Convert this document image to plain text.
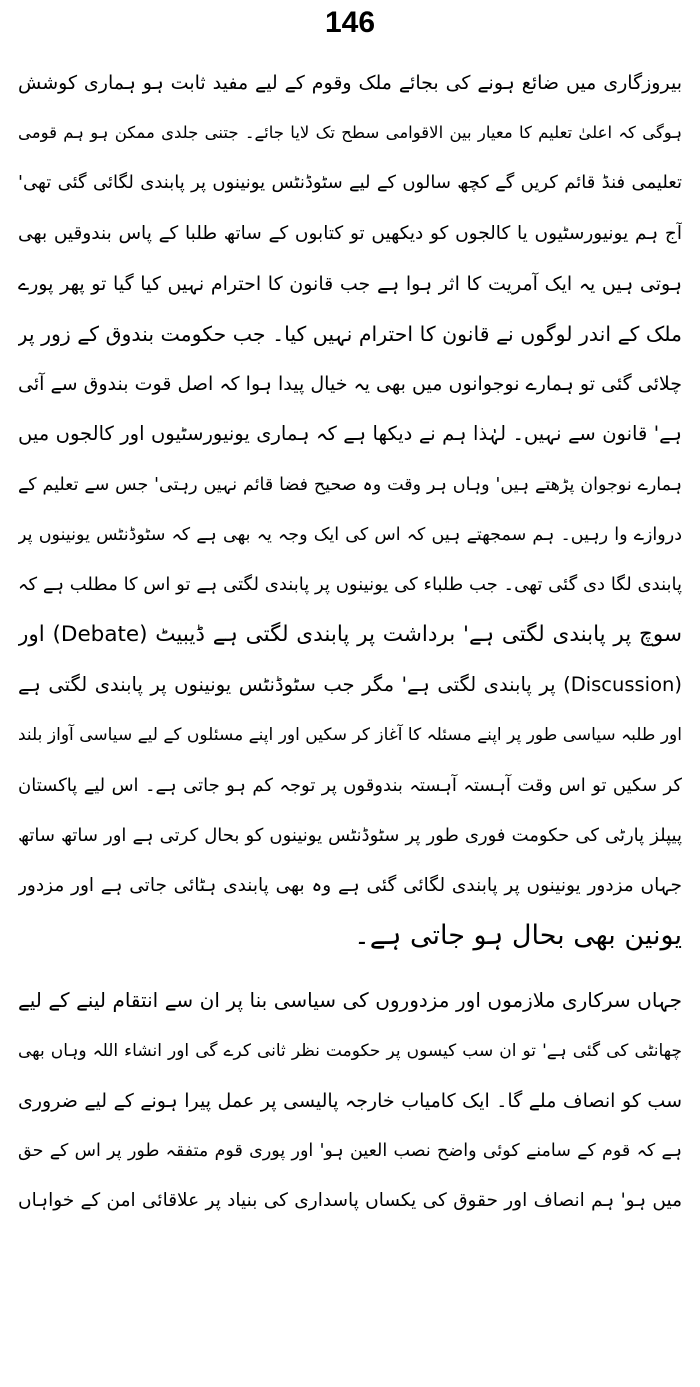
146
بیروزگاری میں ضائع ہونے کی بجائے ملک وقوم کے لیے مفید ثابت ہو ہماری کوشش
ہوگی کہ اعلیٰ تعلیم کا معیار بین الاقوامی سطح تک لایا جائے۔ جتنی جلدی ممکن ہو ہم قومی
تعلیمی فنڈ قائم کریں گے کچھ سالوں کے لیے سٹوڈنٹس یونینوں پر پابندی لگائی گئی تھی'
آج ہم یونیورسٹیوں یا کالجوں کو دیکھیں تو کتابوں کے ساتھ طلبا کے پاس بندوقیں بھی
ہوتی ہیں یہ ایک آمریت کا اثر ہوا ہے جب قانون کا احترام نہیں کیا گیا تو پھر پورے
ملک کے اندر لوگوں نے قانون کا احترام نہیں کیا۔ جب حکومت بندوق کے زور پر
چلائی گئی تو ہمارے نوجوانوں میں بھی یہ خیال پیدا ہوا کہ اصل قوت بندوق سے آئی
ہے' قانون سے نہیں۔ لہٰذا ہم نے دیکھا ہے کہ ہماری یونیورسٹیوں اور کالجوں میں
ہمارے نوجوان پڑھتے ہیں' وہاں ہر وقت وہ صحیح فضا قائم نہیں رہتی' جس سے تعلیم کے
دروازے وا رہیں۔ ہم سمجھتے ہیں کہ اس کی ایک وجہ یہ بھی ہے کہ سٹوڈنٹس یونینوں پر
پابندی لگا دی گئی تھی۔ جب طلباء کی یونینوں پر پابندی لگتی ہے تو اس کا مطلب ہے کہ
سوچ پر پابندی لگتی ہے' برداشت پر پابندی لگتی ہے ڈیبیٹ (Debate) اور
(Discussion) پر پابندی لگتی ہے' مگر جب سٹوڈنٹس یونینوں پر پابندی لگتی ہے
اور طلبہ سیاسی طور پر اپنے مسئلہ کا آغاز کر سکیں اور اپنے مسئلوں کے لیے سیاسی آواز بلند
کر سکیں تو اس وقت آہستہ آہستہ بندوقوں پر توجہ کم ہو جاتی ہے۔ اس لیے پاکستان
پیپلز پارٹی کی حکومت فوری طور پر سٹوڈنٹس یونینوں کو بحال کرتی ہے اور ساتھ ساتھ
جہاں مزدور یونینوں پر پابندی لگائی گئی ہے وہ بھی پابندی ہٹائی جاتی ہے اور مزدور
یونین بھی بحال ہو جاتی ہے۔
جہاں سرکاری ملازموں اور مزدوروں کی سیاسی بنا پر ان سے انتقام لینے کے لیے
چھانٹی کی گئی ہے' تو ان سب کیسوں پر حکومت نظر ثانی کرے گی اور انشاء اللہ وہاں بھی
سب کو انصاف ملے گا۔ ایک کامیاب خارجہ پالیسی پر عمل پیرا ہونے کے لیے ضروری
ہے کہ قوم کے سامنے کوئی واضح نصب العین ہو' اور پوری قوم متفقہ طور پر اس کے حق
میں ہو' ہم انصاف اور حقوق کی یکساں پاسداری کی بنیاد پر علاقائی امن کے خواہاں
